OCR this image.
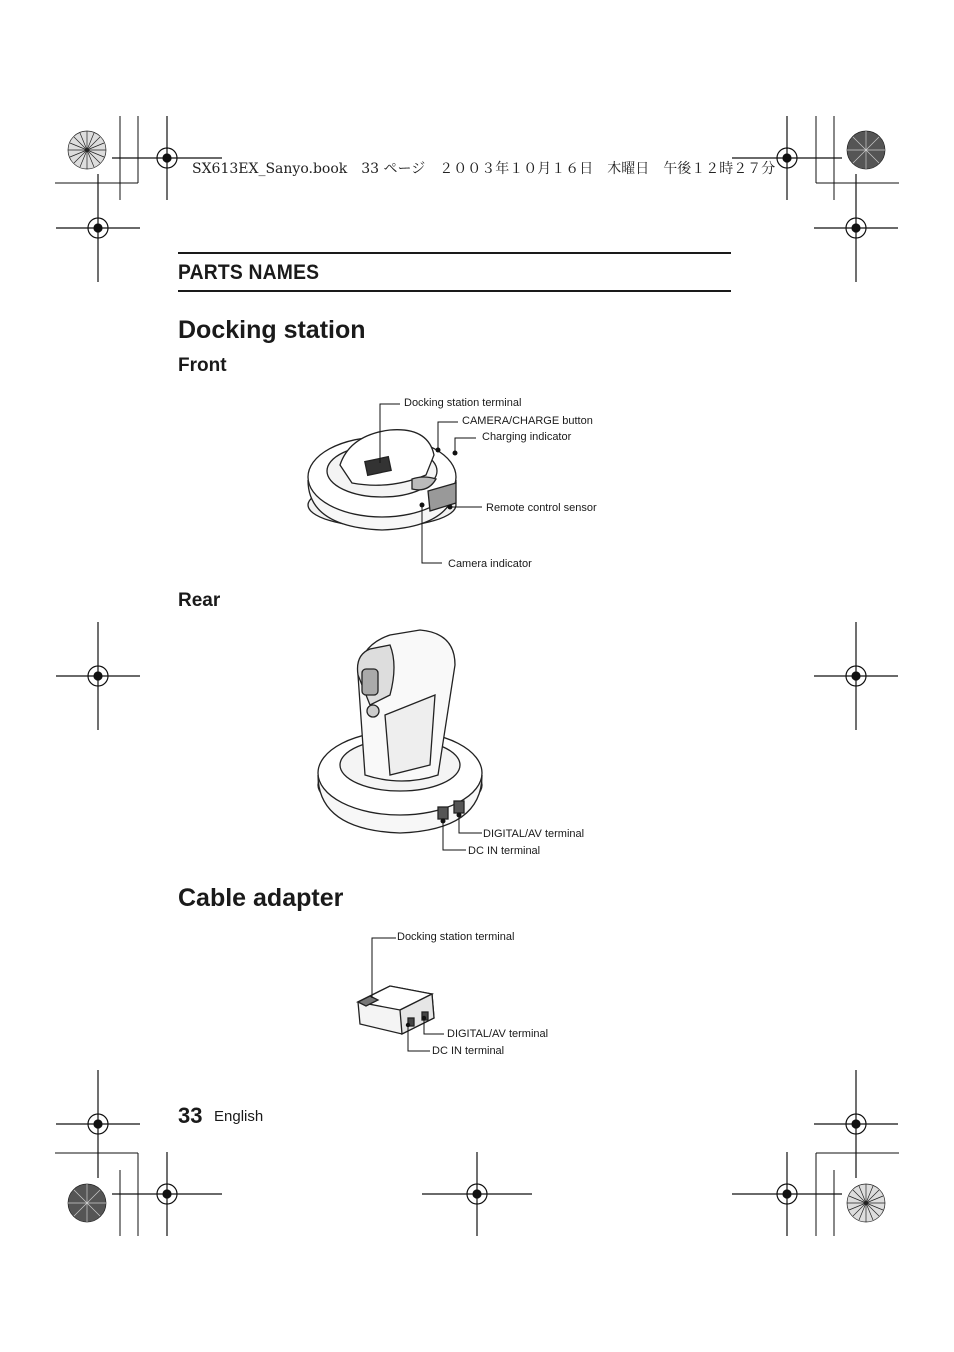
SX613EX_Sanyo.book　33 ページ　２００３年１０月１６日　木曜日　午後１２時２７分
PARTS NAMES
Docking station
Front
Docking station terminal
CAMERA/CHARGE button
Charging indicator
Remote control sensor
Camera indicator
Rear
DIGITAL/AV terminal
DC IN terminal
Cable adapter
Docking station terminal
DIGITAL/AV terminal
DC IN terminal
33 English
